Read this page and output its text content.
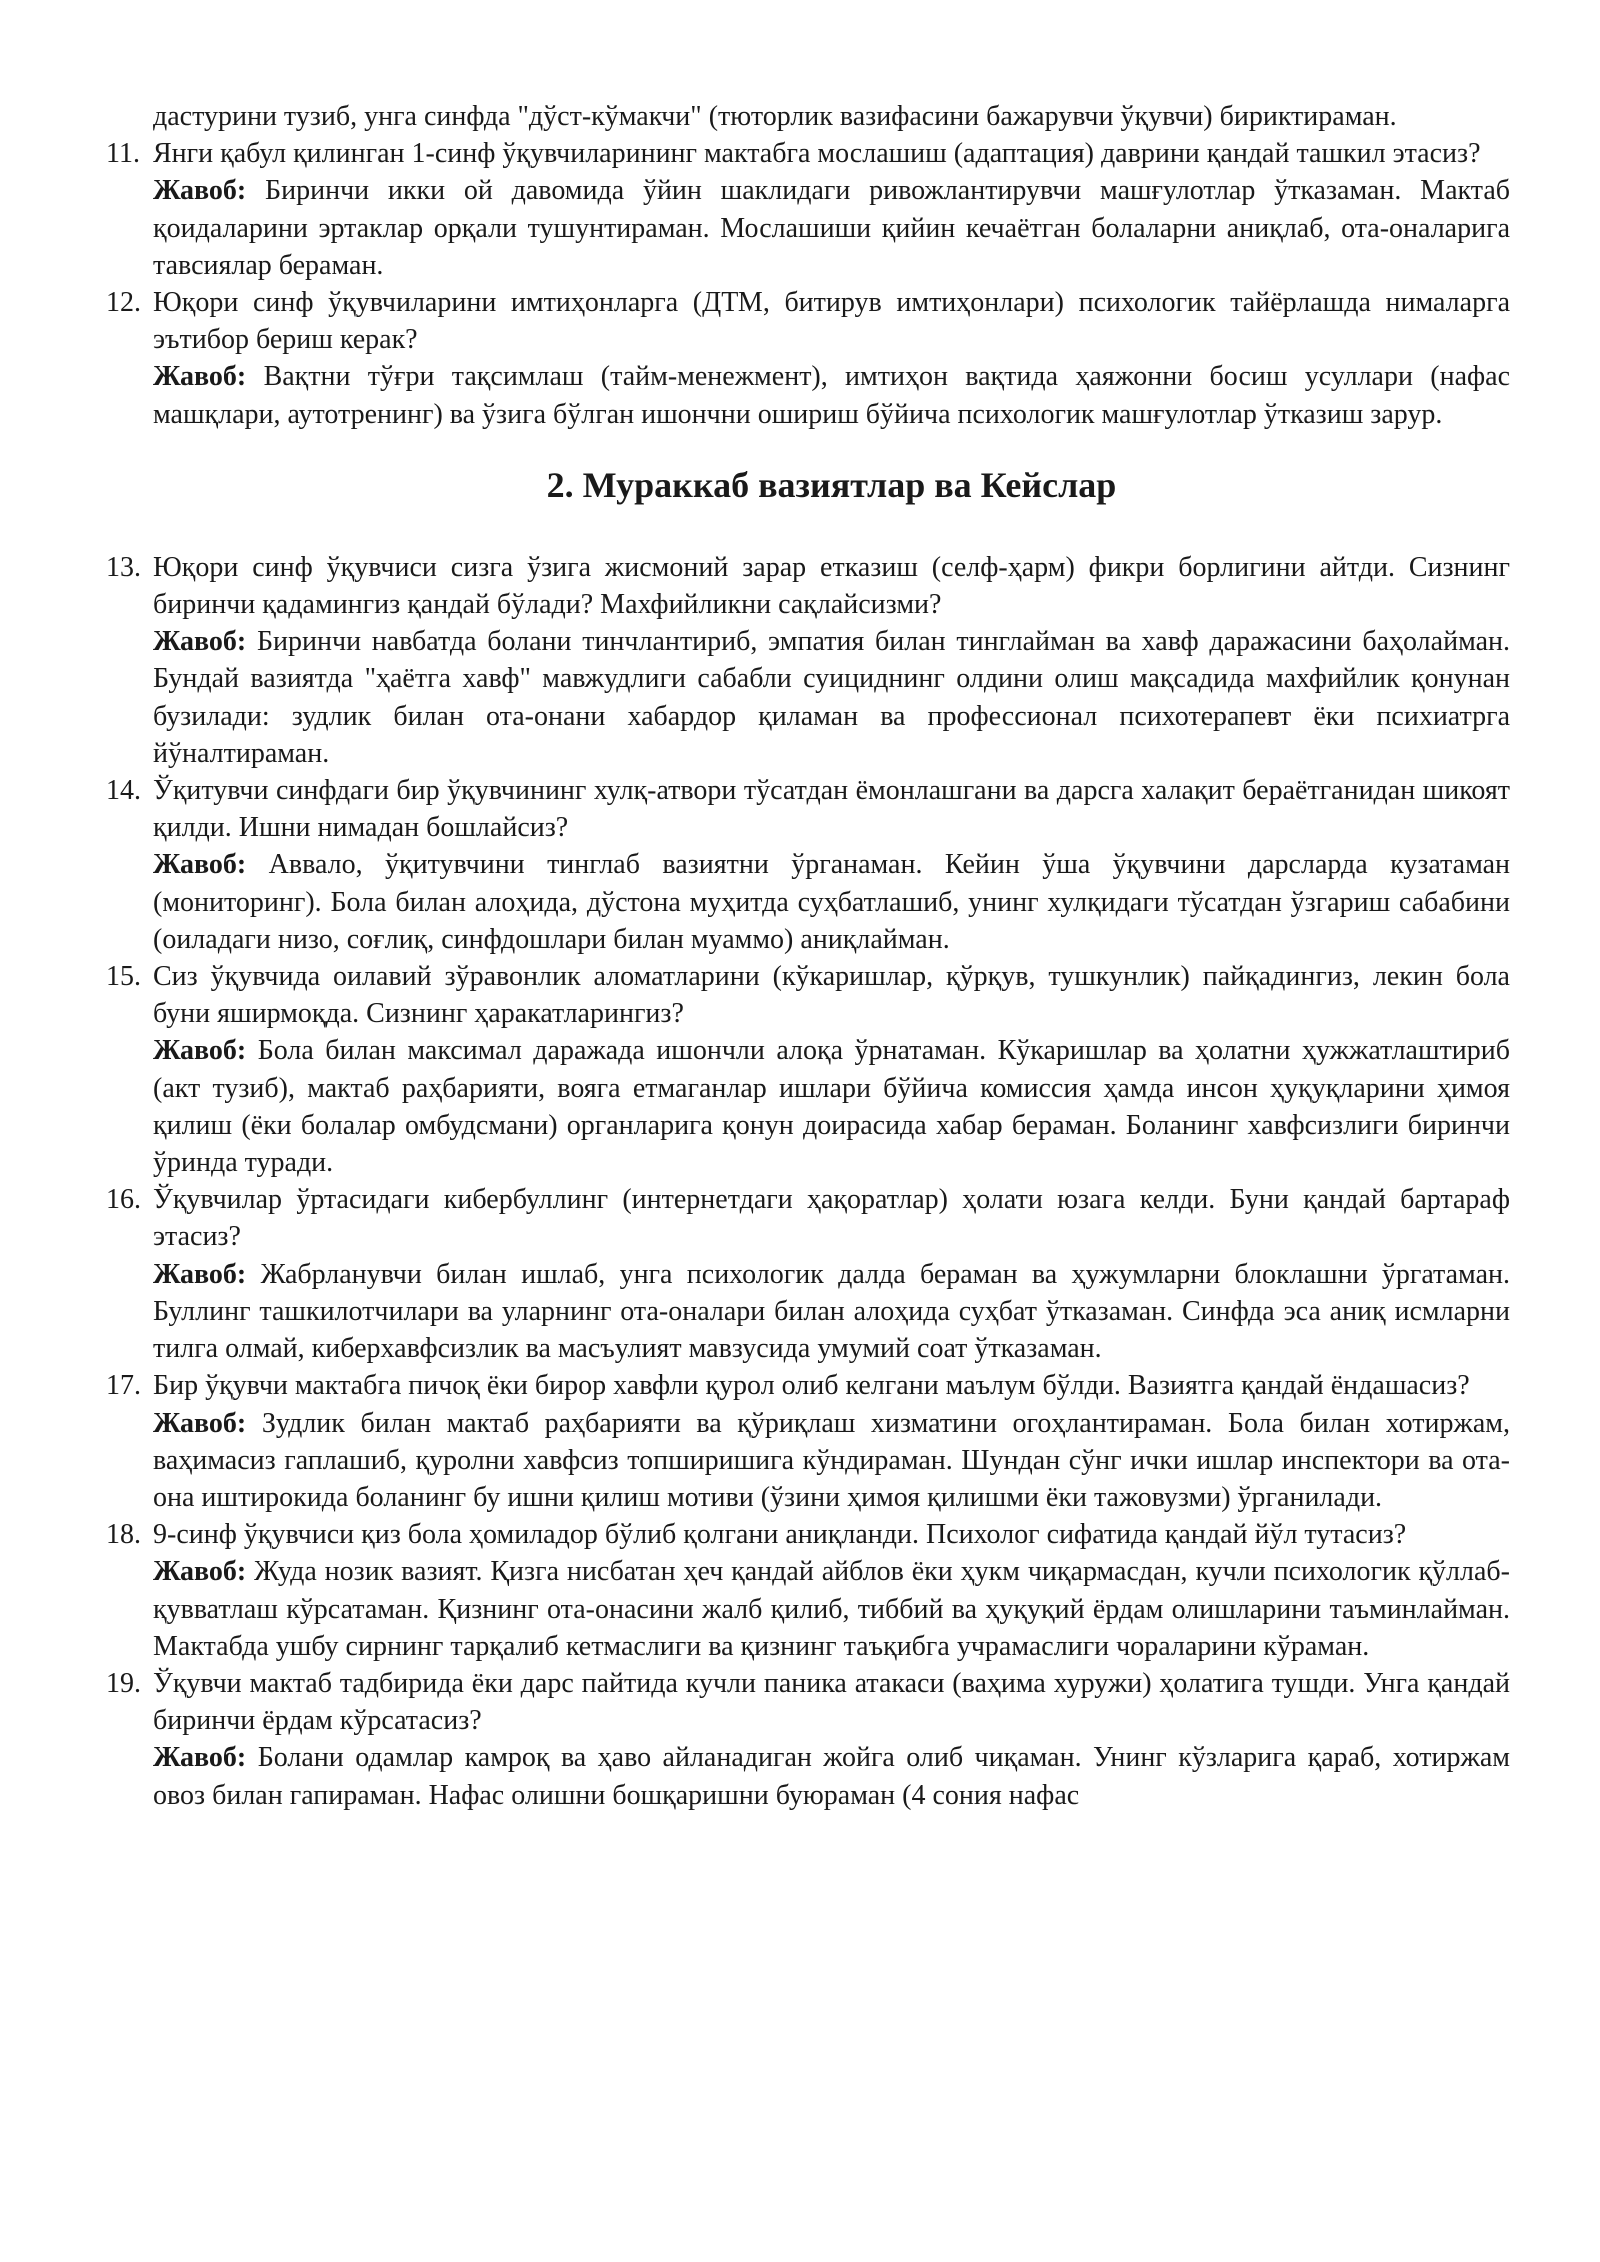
дастурини тузиб, унга синфда "дўст-кўмакчи" (тюторлик вазифасини бажарувчи ўқувчи) бириктираман.

11. Янги қабул қилинган 1-синф ўқувчиларининг мактабга мослашиш (адаптация) даврини қандай ташкил этасиз?

Жавоб: Биринчи икки ой давомида ўйин шаклидаги ривожлантирувчи машғулотлар ўтказаман. Мактаб қоидаларини эртаклар орқали тушунтираман. Мослашиши қийин кечаётган болаларни аниқлаб, ота-оналарига тавсиялар бераман.

12. Юқори синф ўқувчиларини имтиҳонларга (ДТМ, битирув имтиҳонлари) психологик тайёрлашда нималарга эътибор бериш керак?

Жавоб: Вақтни тўғри тақсимлаш (тайм-менежмент), имтиҳон вақтида ҳаяжонни босиш усуллари (нафас машқлари, аутотренинг) ва ўзига бўлган ишончни ошириш бўйича психологик машғулотлар ўтказиш зарур.

2. Мураккаб вазиятлар ва Кейслар
13. Юқори синф ўқувчиси сизга ўзига жисмоний зарар етказиш (селф-ҳарм) фикри борлигини айтди. Сизнинг биринчи қадамингиз қандай бўлади? Махфийликни сақлайсизми?

Жавоб: Биринчи навбатда болани тинчлантириб, эмпатия билан тинглайман ва хавф даражасини баҳолайман. Бундай вазиятда "ҳаётга хавф" мавжудлиги сабабли суициднинг олдини олиш мақсадида махфийлик қонунан бузилади: зудлик билан ота-онани хабардор қиламан ва профессионал психотерапевт ёки психиатрга йўналтираман.

14. Ўқитувчи синфдаги бир ўқувчининг хулқ-атвори тўсатдан ёмонлашгани ва дарсга халақит бераётганидан шикоят қилди. Ишни нимадан бошлайсиз?

Жавоб: Аввало, ўқитувчини тинглаб вазиятни ўрганаман. Кейин ўша ўқувчини дарсларда кузатаман (мониторинг). Бола билан алоҳида, дўстона муҳитда суҳбатлашиб, унинг хулқидаги тўсатдан ўзгариш сабабини (оиладаги низо, соғлиқ, синфдошлари билан муаммо) аниқлайман.

15. Сиз ўқувчида оилавий зўравонлик аломатларини (кўкаришлар, қўрқув, тушкунлик) пайқадингиз, лекин бола буни яширмоқда. Сизнинг ҳаракатларингиз?

Жавоб: Бола билан максимал даражада ишончли алоқа ўрнатаман. Кўкаришлар ва ҳолатни ҳужжатлаштириб (акт тузиб), мактаб раҳбарияти, вояга етмаганлар ишлари бўйича комиссия ҳамда инсон ҳуқуқларини ҳимоя қилиш (ёки болалар омбудсмани) органларига қонун доирасида хабар бераман. Боланинг хавфсизлиги биринчи ўринда туради.

16. Ўқувчилар ўртасидаги кибербуллинг (интернетдаги ҳақоратлар) ҳолати юзага келди. Буни қандай бартараф этасиз?

Жавоб: Жабрланувчи билан ишлаб, унга психологик далда бераман ва ҳужумларни блоклашни ўргатаман. Буллинг ташкилотчилари ва уларнинг ота-оналари билан алоҳида суҳбат ўтказаман. Синфда эса аниқ исмларни тилга олмай, киберхавфсизлик ва масъулият мавзусида умумий соат ўтказаман.

17. Бир ўқувчи мактабга пичоқ ёки бирор хавфли қурол олиб келгани маълум бўлди. Вазиятга қандай ёндашасиз?

Жавоб: Зудлик билан мактаб раҳбарияти ва қўриқлаш хизматини огоҳлантираман. Бола билан хотиржам, ваҳимасиз гаплашиб, қуролни хавфсиз топширишига кўндираман. Шундан сўнг ички ишлар инспектори ва ота-она иштирокида боланинг бу ишни қилиш мотиви (ўзини ҳимоя қилишми ёки тажовузми) ўрганилади.

18. 9-синф ўқувчиси қиз бола ҳомиладор бўлиб қолгани аниқланди. Психолог сифатида қандай йўл тутасиз?

Жавоб: Жуда нозик вазият. Қизга нисбатан ҳеч қандай айблов ёки ҳукм чиқармасдан, кучли психологик қўллаб-қувватлаш кўрсатаман. Қизнинг ота-онасини жалб қилиб, тиббий ва ҳуқуқий ёрдам олишларини таъминлайман. Мактабда ушбу сирнинг тарқалиб кетмаслиги ва қизнинг таъқибга учрамаслиги чораларини кўраман.

19. Ўқувчи мактаб тадбирида ёки дарс пайтида кучли паника атакаси (ваҳима хуружи) ҳолатига тушди. Унга қандай биринчи ёрдам кўрсатасиз?

Жавоб: Болани одамлар камроқ ва ҳаво айланадиган жойга олиб чиқаман. Унинг кўзларига қараб, хотиржам овоз билан гапираман. Нафас олишни бошқаришни буюраман (4 сония нафас
